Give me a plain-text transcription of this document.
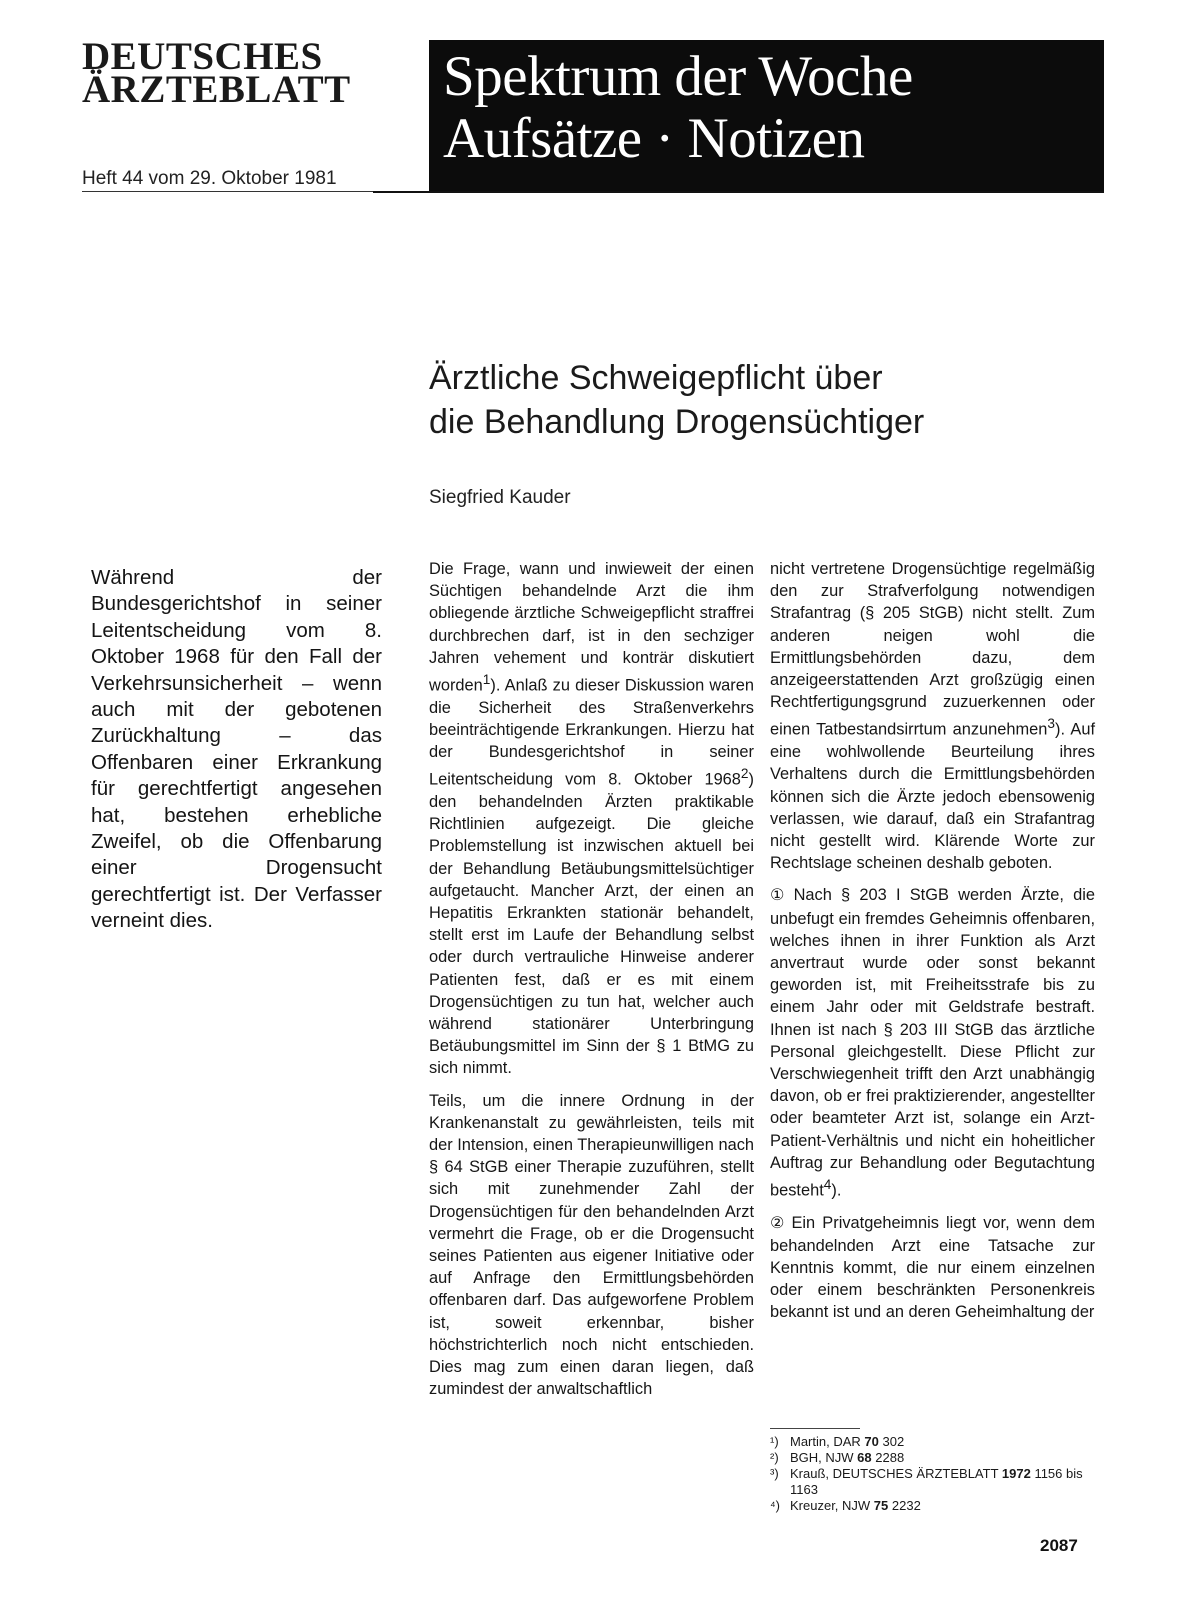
DEUTSCHES
ÄRZTEBLATT
Heft 44 vom 29. Oktober 1981
Spektrum der Woche
Aufsätze · Notizen
Ärztliche Schweigepflicht über
die Behandlung Drogensüchtiger
Siegfried Kauder

Während der Bundesgerichtshof in seiner Leitentscheidung vom 8. Oktober 1968 für den Fall der Verkehrsunsicherheit – wenn auch mit der gebotenen Zurückhaltung – das Offenbaren einer Erkrankung für gerechtfertigt angesehen hat, bestehen erhebliche Zweifel, ob die Offenbarung einer Drogensucht gerechtfertigt ist. Der Verfasser verneint dies.

Die Frage, wann und inwieweit der einen Süchtigen behandelnde Arzt die ihm obliegende ärztliche Schweigepflicht straffrei durchbrechen darf, ist in den sechziger Jahren vehement und konträr diskutiert worden$^1$). Anlaß zu dieser Diskussion waren die Sicherheit des Straßenverkehrs beeinträchtigende Erkrankungen. Hierzu hat der Bundesgerichtshof in seiner Leitentscheidung vom 8. Oktober 1968$^2$) den behandelnden Ärzten praktikable Richtlinien aufgezeigt. Die gleiche Problemstellung ist inzwischen aktuell bei der Behandlung Betäubungsmittelsüchtiger aufgetaucht. Mancher Arzt, der einen an Hepatitis Erkrankten stationär behandelt, stellt erst im Laufe der Behandlung selbst oder durch vertrauliche Hinweise anderer Patienten fest, daß er es mit einem Drogensüchtigen zu tun hat, welcher auch während stationärer Unterbringung Betäubungsmittel im Sinn der § 1 BtMG zu sich nimmt.

Teils, um die innere Ordnung in der Krankenanstalt zu gewährleisten, teils mit der Intension, einen Therapieunwilligen nach § 64 StGB einer Therapie zuzuführen, stellt sich mit zunehmender Zahl der Drogensüchtigen für den behandelnden Arzt vermehrt die Frage, ob er die Drogensucht seines Patienten aus eigener Initiative oder auf Anfrage den Ermittlungsbehörden offenbaren darf. Das aufgeworfene Problem ist, soweit erkennbar, bisher höchstrichterlich noch nicht entschieden. Dies mag zum einen daran liegen, daß zumindest der anwaltschaftlich

nicht vertretene Drogensüchtige regelmäßig den zur Strafverfolgung notwendigen Strafantrag (§ 205 StGB) nicht stellt. Zum anderen neigen wohl die Ermittlungsbehörden dazu, dem anzeigeerstattenden Arzt großzügig einen Rechtfertigungsgrund zuzuerkennen oder einen Tatbestandsirrtum anzunehmen$^3$). Auf eine wohlwollende Beurteilung ihres Verhaltens durch die Ermittlungsbehörden können sich die Ärzte jedoch ebensowenig verlassen, wie darauf, daß ein Strafantrag nicht gestellt wird. Klärende Worte zur Rechtslage scheinen deshalb geboten.

① Nach § 203 I StGB werden Ärzte, die unbefugt ein fremdes Geheimnis offenbaren, welches ihnen in ihrer Funktion als Arzt anvertraut wurde oder sonst bekannt geworden ist, mit Freiheitsstrafe bis zu einem Jahr oder mit Geldstrafe bestraft. Ihnen ist nach § 203 III StGB das ärztliche Personal gleichgestellt. Diese Pflicht zur Verschwiegenheit trifft den Arzt unabhängig davon, ob er frei praktizierender, angestellter oder beamteter Arzt ist, solange ein Arzt-Patient-Verhältnis und nicht ein hoheitlicher Auftrag zur Behandlung oder Begutachtung besteht$^4$).

② Ein Privatgeheimnis liegt vor, wenn dem behandelnden Arzt eine Tatsache zur Kenntnis kommt, die nur einem einzelnen oder einem beschränkten Personenkreis bekannt ist und an deren Geheimhaltung der

¹) Martin, DAR 70 302
²) BGH, NJW 68 2288
³) Krauß, DEUTSCHES ÄRZTEBLATT 1972 1156 bis 1163
⁴) Kreuzer, NJW 75 2232
2087
